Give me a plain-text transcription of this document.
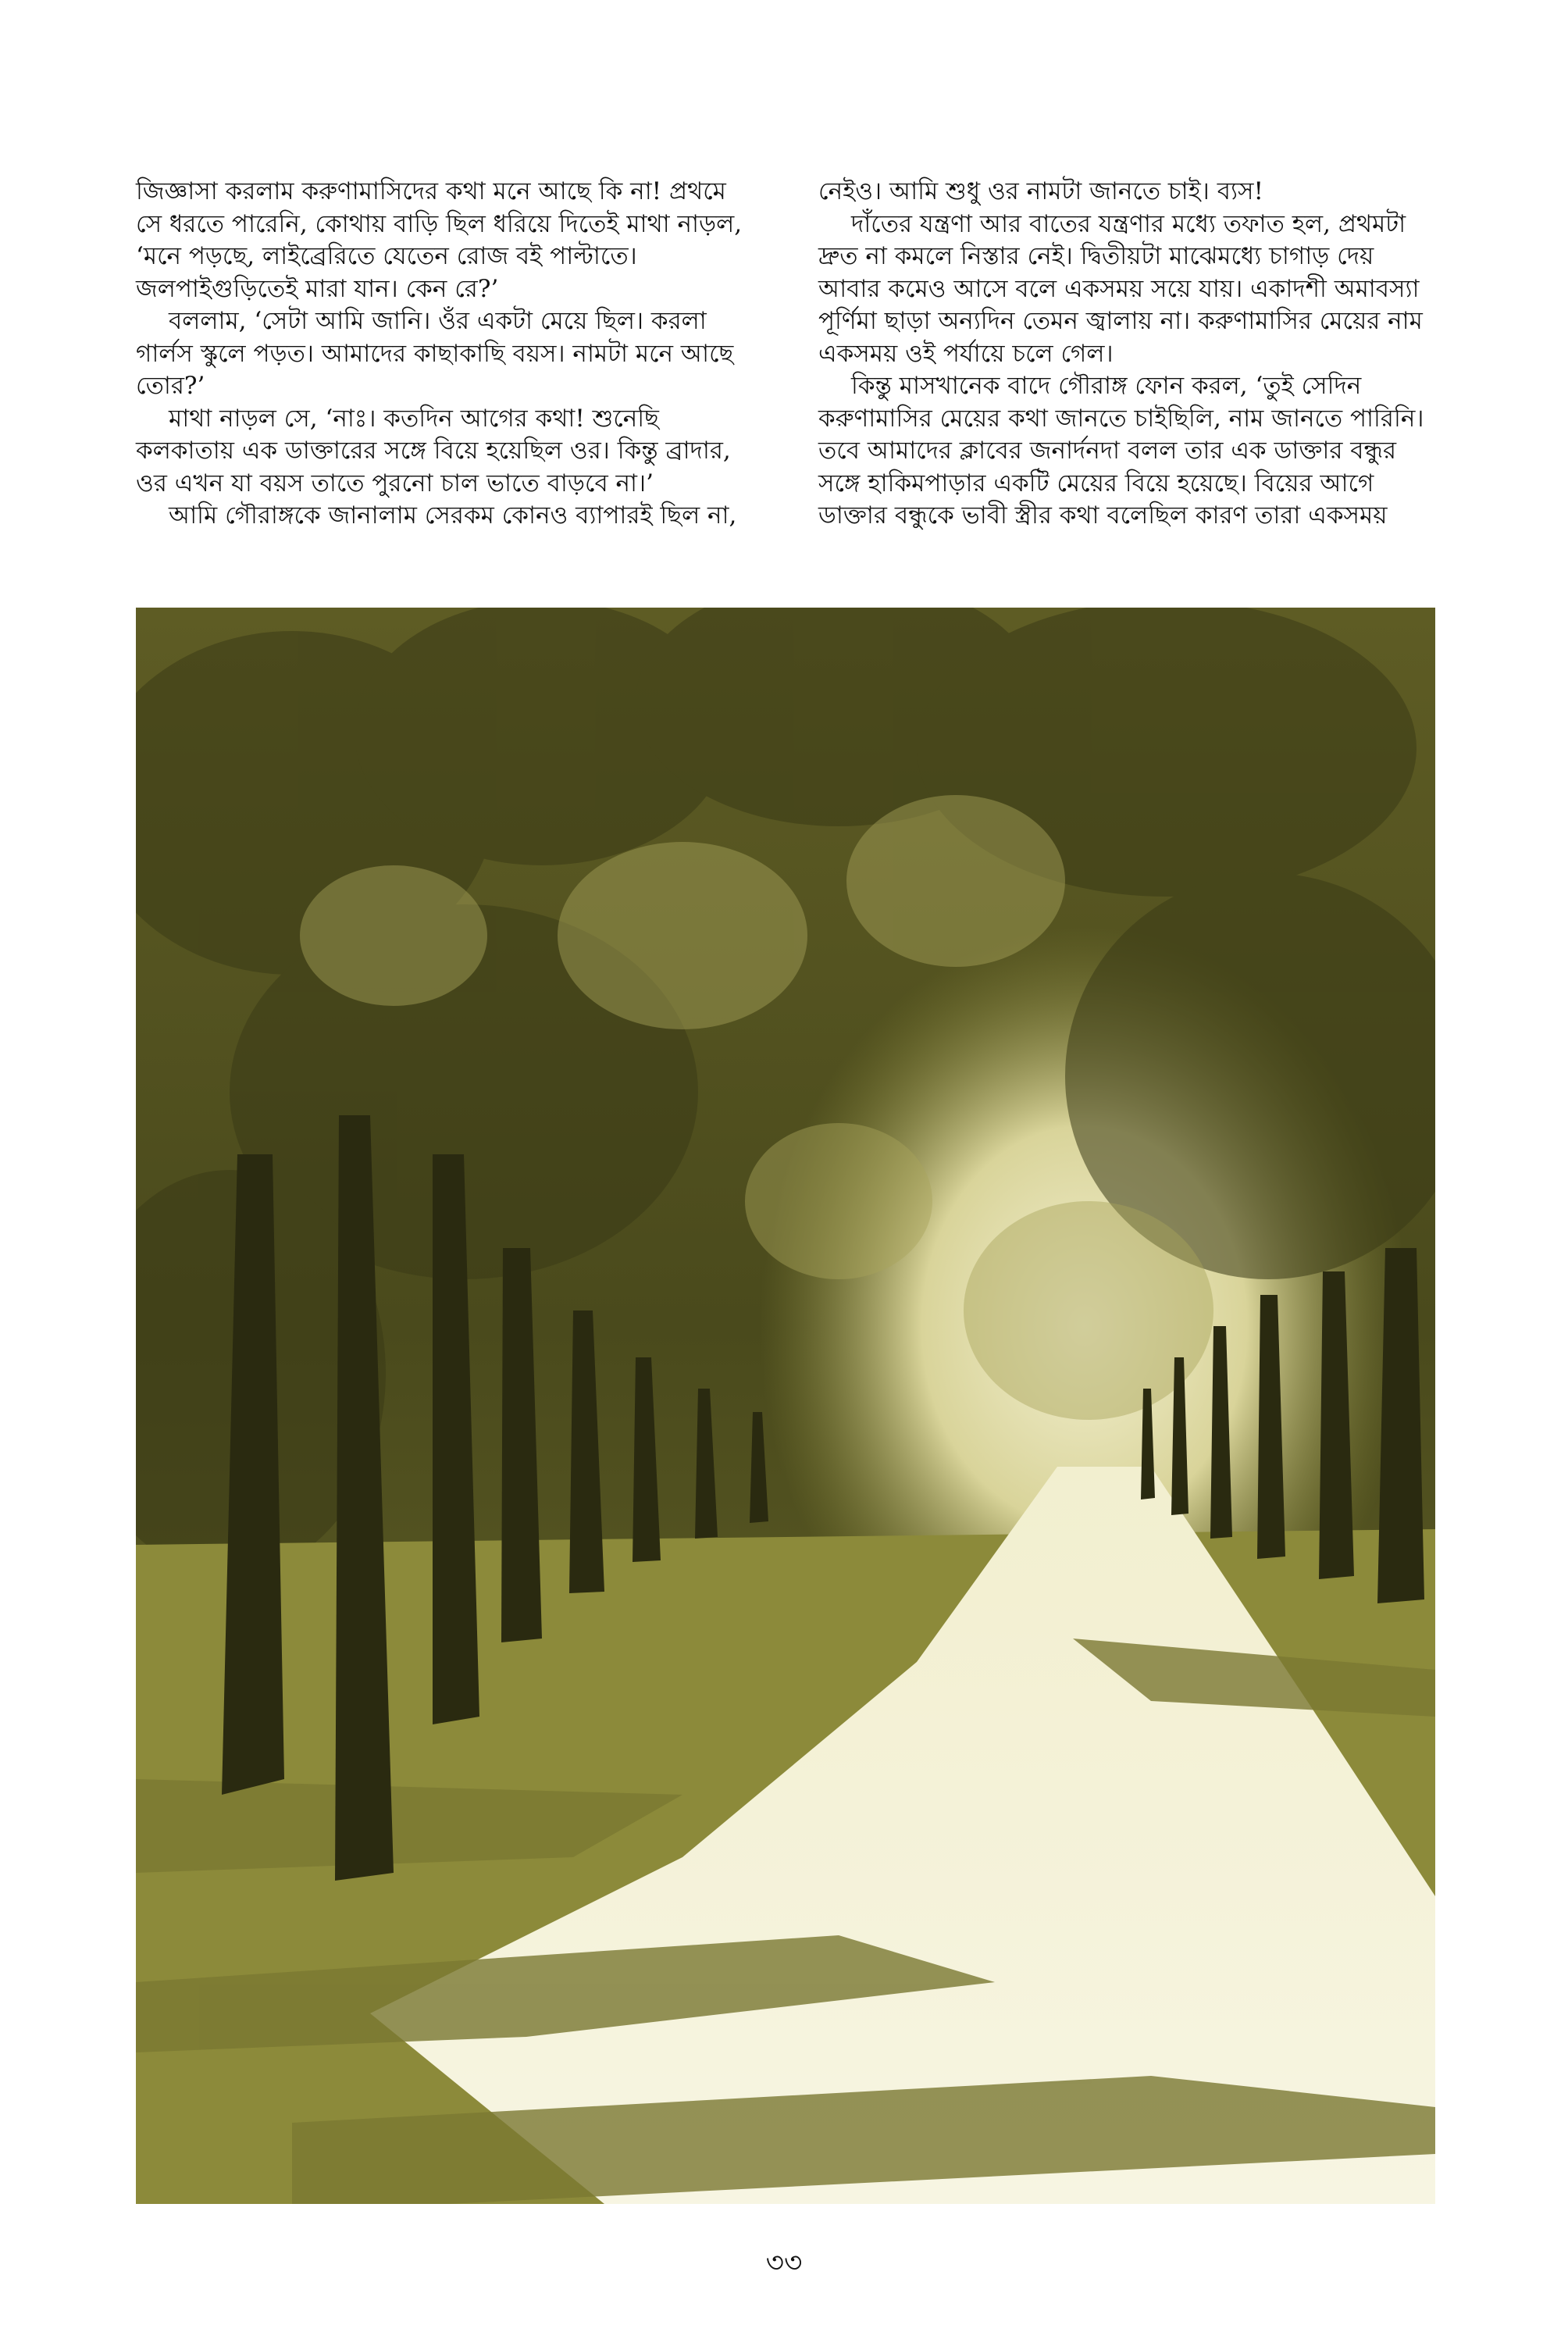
জিজ্ঞাসা করলাম করুণামাসিদের কথা মনে আছে কি না! প্রথমে
সে ধরতে পারেনি, কোথায় বাড়ি ছিল ধরিয়ে দিতেই মাথা নাড়ল,
‘মনে পড়ছে, লাইব্রেরিতে যেতেন রোজ বই পাল্টাতে।
জলপাইগুড়িতেই মারা যান। কেন রে?’

বললাম, ‘সেটা আমি জানি। ওঁর একটা মেয়ে ছিল। করলা
গার্লস স্কুলে পড়ত। আমাদের কাছাকাছি বয়স। নামটা মনে আছে
তোর?’

মাথা নাড়ল সে, ‘নাঃ। কতদিন আগের কথা! শুনেছি
কলকাতায় এক ডাক্তারের সঙ্গে বিয়ে হয়েছিল ওর। কিন্তু ব্রাদার,
ওর এখন যা বয়স তাতে পুরনো চাল ভাতে বাড়বে না।’

আমি গৌরাঙ্গকে জানালাম সেরকম কোনও ব্যাপারই ছিল না,

নেইও। আমি শুধু ওর নামটা জানতে চাই। ব্যস!

দাঁতের যন্ত্রণা আর বাতের যন্ত্রণার মধ্যে তফাত হল, প্রথমটা
দ্রুত না কমলে নিস্তার নেই। দ্বিতীয়টা মাঝেমধ্যে চাগাড় দেয়
আবার কমেও আসে বলে একসময় সয়ে যায়। একাদশী অমাবস্যা
পূর্ণিমা ছাড়া অন্যদিন তেমন জ্বালায় না। করুণামাসির মেয়ের নাম
একসময় ওই পর্যায়ে চলে গেল।

কিন্তু মাসখানেক বাদে গৌরাঙ্গ ফোন করল, ‘তুই সেদিন
করুণামাসির মেয়ের কথা জানতে চাইছিলি, নাম জানতে পারিনি।
তবে আমাদের ক্লাবের জনার্দনদা বলল তার এক ডাক্তার বন্ধুর
সঙ্গে হাকিমপাড়ার একটি মেয়ের বিয়ে হয়েছে। বিয়ের আগে
ডাক্তার বন্ধুকে ভাবী স্ত্রীর কথা বলেছিল কারণ তারা একসময়

৩৩
